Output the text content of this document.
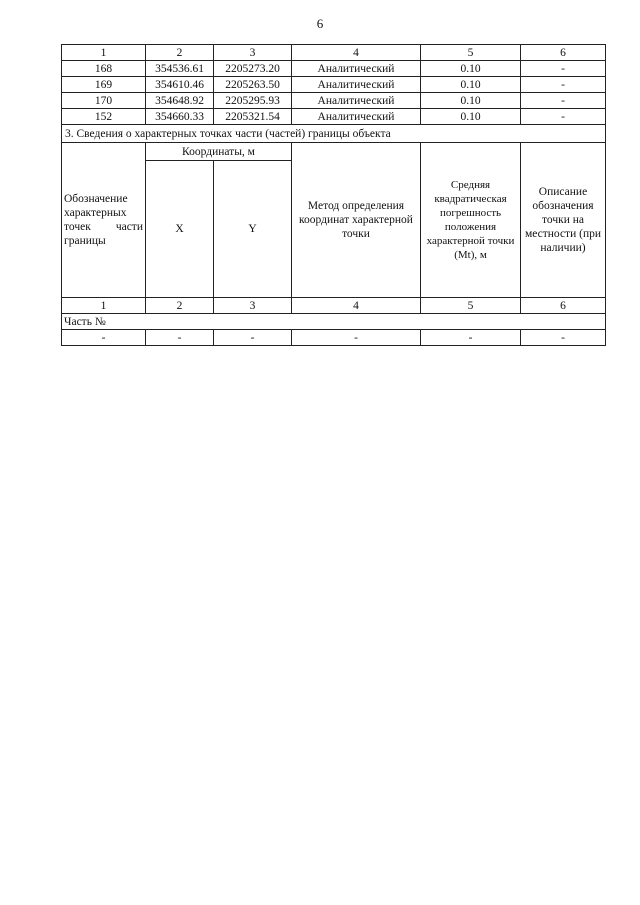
6
1	2	3	4	5	6
168	354536.61	2205273.20	Аналитический	0.10	-
169	354610.46	2205263.50	Аналитический	0.10	-
170	354648.92	2205295.93	Аналитический	0.10	-
152	354660.33	2205321.54	Аналитический	0.10	-
3. Сведения о характерных точках части (частей) границы объекта					
Обозначение характерных точек части границы	Координаты, м		Метод определения координат характерной точки	Средняя квадратическая погрешность положения характерной точки (Mt), м	Описание обозначения точки на местности (при наличии)
	X	Y			
1	2	3	4	5	6
Часть №					
-	-	-	-	-	-
